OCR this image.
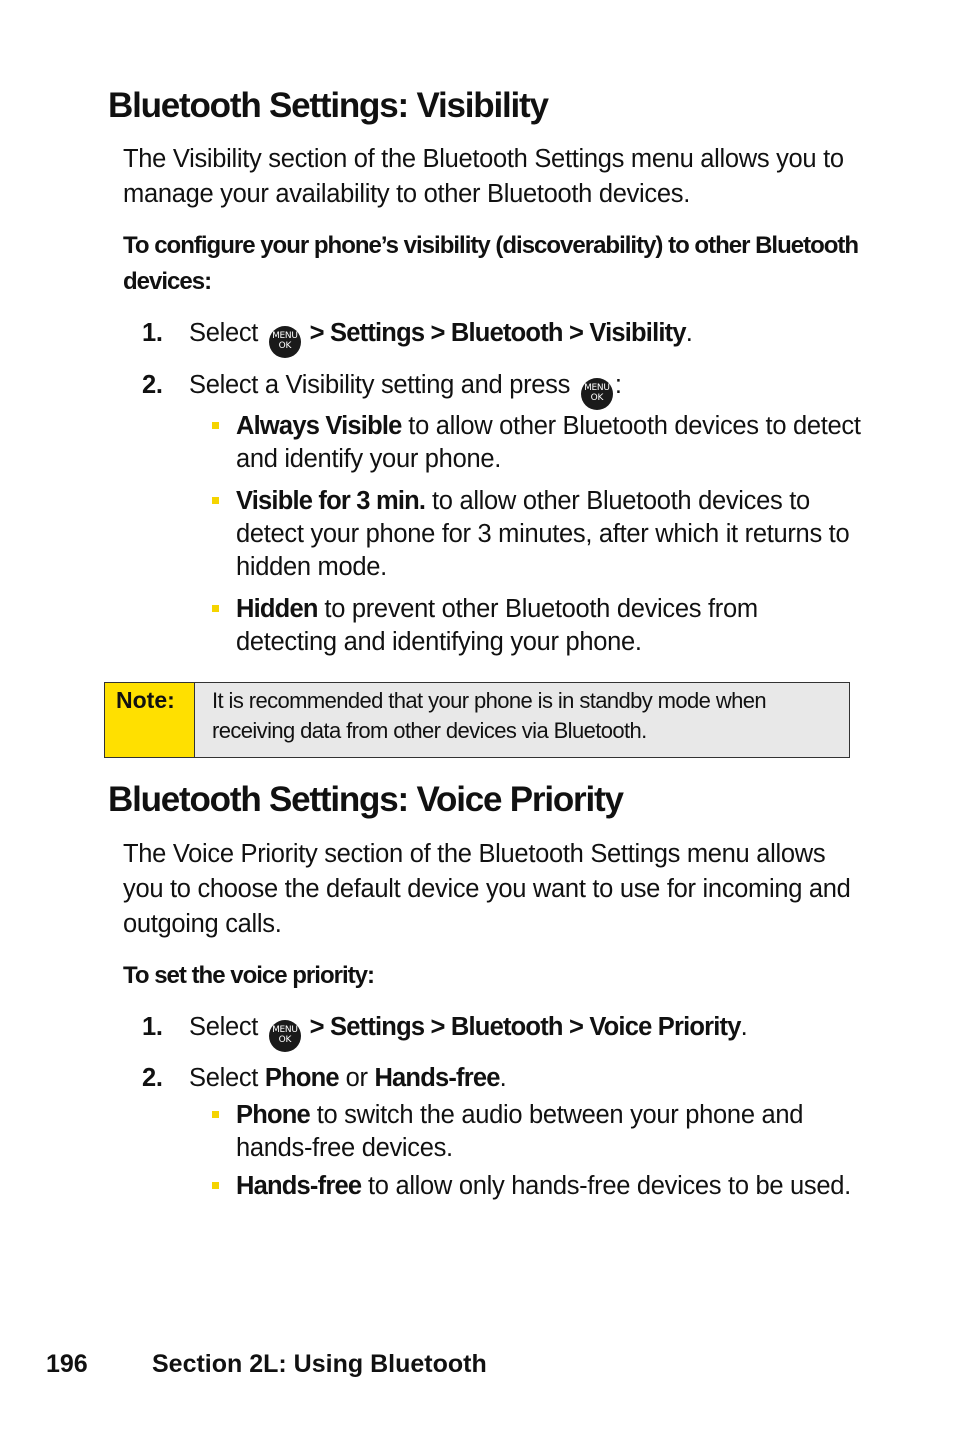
Bluetooth Settings: Visibility

The Visibility section of the Bluetooth Settings menu allows you to manage your availability to other Bluetooth devices.

To configure your phone’s visibility (discoverability) to other Bluetooth devices:

1. Select MENU
OK > Settings > Bluetooth > Visibility.
2. Select a Visibility setting and press MENU
OK :
Always Visible to allow other Bluetooth devices to detect and identify your phone.
Visible for 3 min. to allow other Bluetooth devices to detect your phone for 3 minutes, after which it returns to hidden mode.
Hidden to prevent other Bluetooth devices from detecting and identifying your phone.
Note:	It is recommended that your phone is in standby mode when receiving data from other devices via Bluetooth.
Bluetooth Settings: Voice Priority

The Voice Priority section of the Bluetooth Settings menu allows you to choose the default device you want to use for incoming and outgoing calls.

To set the voice priority:

1. Select MENU
OK > Settings > Bluetooth > Voice Priority.
2. Select Phone or Hands-free.
Phone to switch the audio between your phone and hands-free devices.
Hands-free to allow only hands-free devices to be used.
196	Section 2L: Using Bluetooth
